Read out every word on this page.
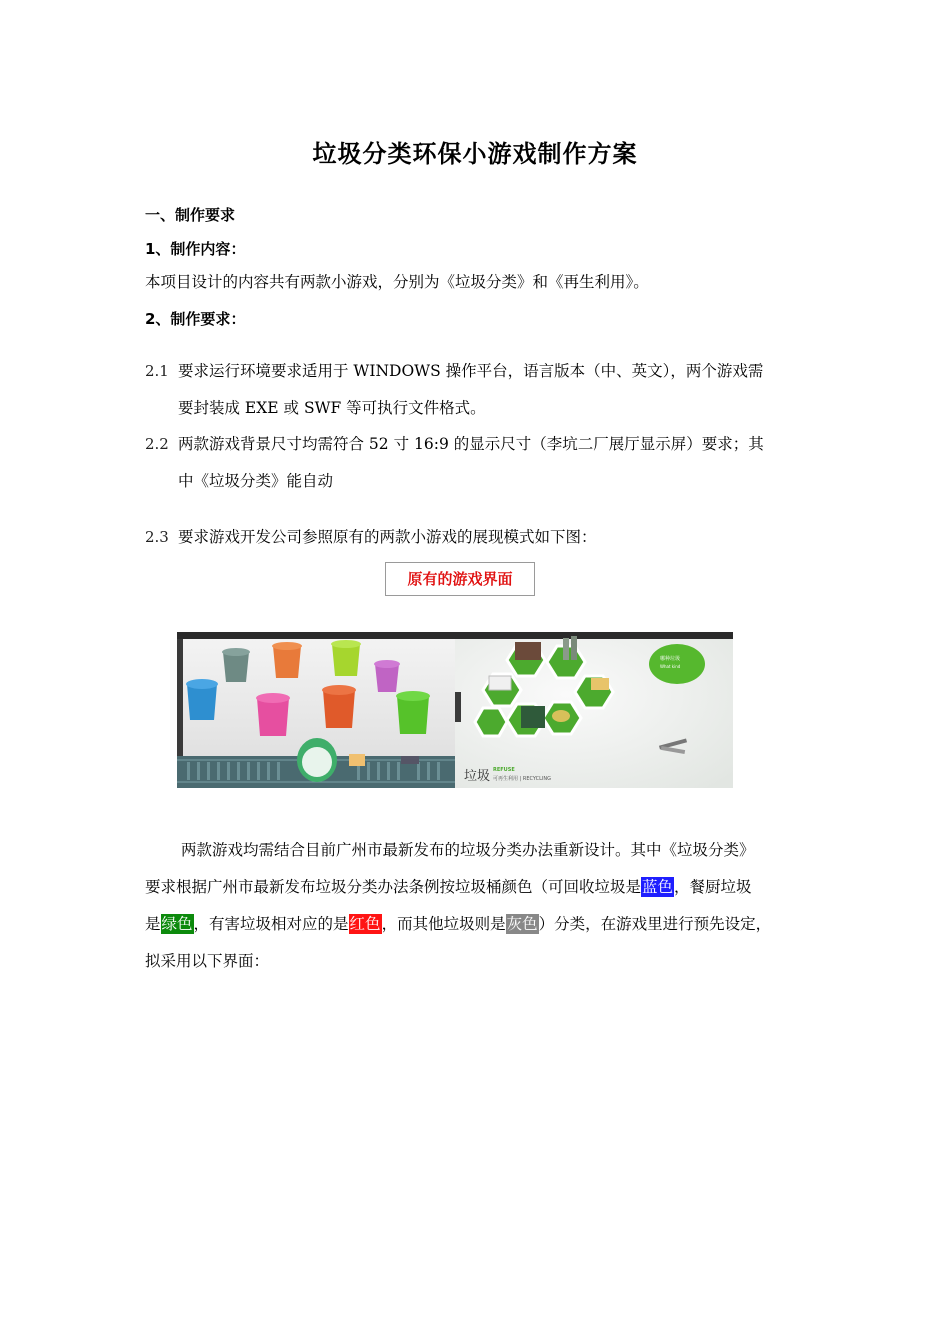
垃圾分类环保小游戏制作方案
一、制作要求
1、制作内容：
本项目设计的内容共有两款小游戏，分别为《垃圾分类》和《再生利用》。
2、制作要求：
2.1 要求运行环境要求适用于 WINDOWS 操作平台，语言版本（中、英文），两个游戏需
要封装成 EXE 或 SWF 等可执行文件格式。
2.2 两款游戏背景尺寸均需符合 52 寸 16:9 的显示尺寸（李坑二厂展厅显示屏）要求；其
中《垃圾分类》能自动
2.3 要求游戏开发公司参照原有的两款小游戏的展现模式如下图：
原有的游戏界面
哪种垃圾
What kind
垃圾 REFUSE
可再生利用 | RECYCLING
两款游戏均需结合目前广州市最新发布的垃圾分类办法重新设计。其中《垃圾分类》
要求根据广州市最新发布垃圾分类办法条例按垃圾桶颜色（可回收垃圾是蓝色，餐厨垃圾
是绿色，有害垃圾相对应的是红色，而其他垃圾则是灰色）分类，在游戏里进行预先设定，
拟采用以下界面：
